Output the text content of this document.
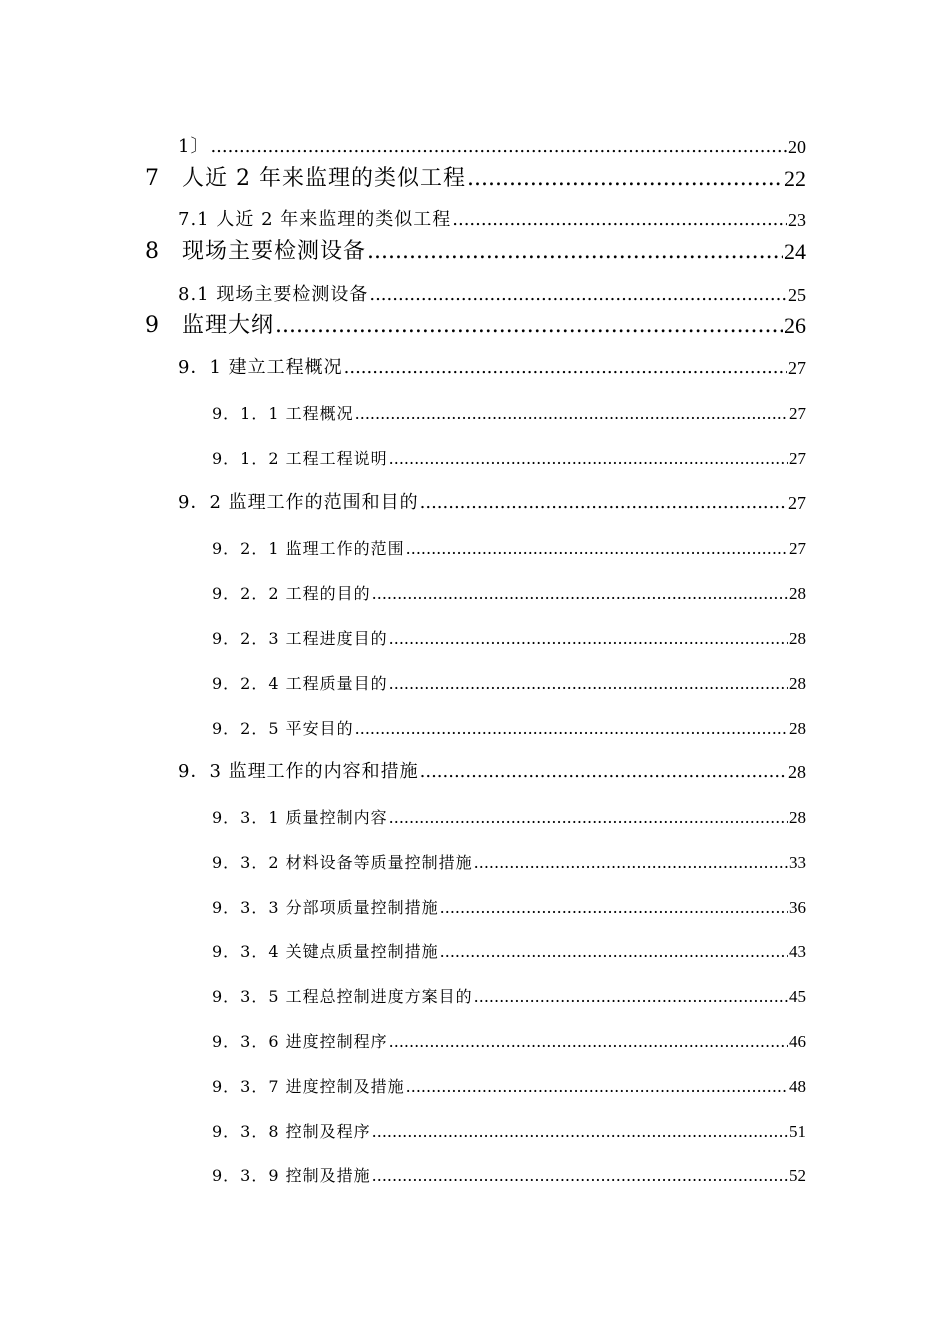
1〕 .....	20
7 人近 2 年来监理的类似工程 .....	22
7.1 人近 2 年来监理的类似工程 .....	23
8 现场主要检测设备 .....	24
8.1 现场主要检测设备 .....	25
9 监理大纲 .....	26
9．1 建立工程概况 .....	27
9．1．1 工程概况 .....	27
9．1．2 工程工程说明 .....	27
9．2 监理工作的范围和目的 .....	27
9．2．1 监理工作的范围 .....	27
9．2．2 工程的目的 .....	28
9．2．3 工程进度目的 .....	28
9．2．4 工程质量目的 .....	28
9．2．5 平安目的 .....	28
9．3 监理工作的内容和措施 .....	28
9．3．1 质量控制内容 .....	28
9．3．2 材料设备等质量控制措施 .....	33
9．3．3 分部项质量控制措施 .....	36
9．3．4 关键点质量控制措施 .....	43
9．3．5 工程总控制进度方案目的 .....	45
9．3．6 进度控制程序 .....	46
9．3．7 进度控制及措施 .....	48
9．3．8 控制及程序 .....	51
9．3．9 控制及措施 .....	52
